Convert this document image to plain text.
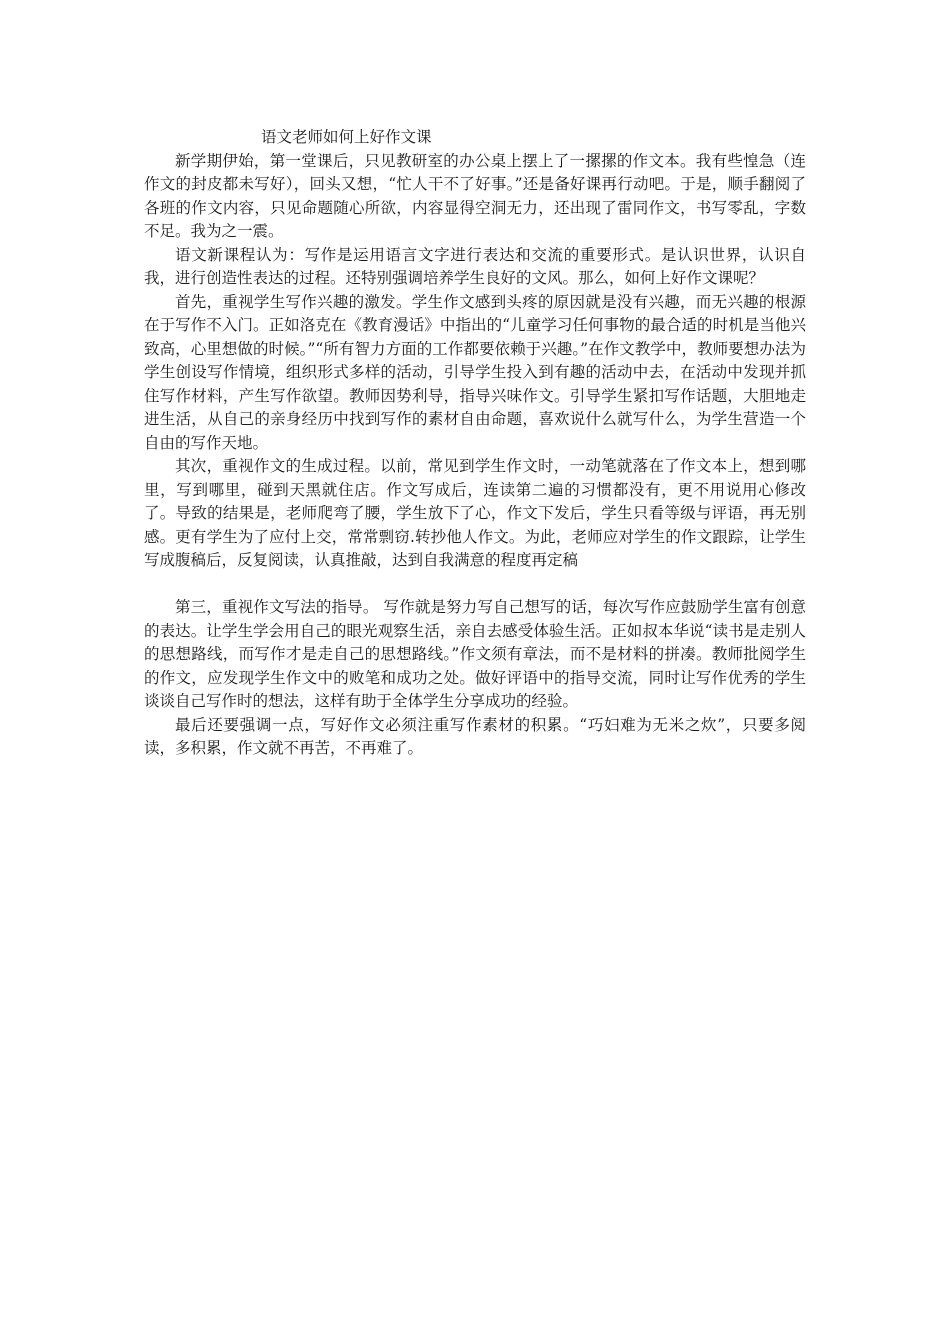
语文老师如何上好作文课

新学期伊始，第一堂课后，只见教研室的办公桌上摆上了一摞摞的作文本。我有些惶急（连作文的封皮都未写好），回头又想，“忙人干不了好事。”还是备好课再行动吧。于是，顺手翻阅了各班的作文内容，只见命题随心所欲，内容显得空洞无力，还出现了雷同作文，书写零乱，字数不足。我为之一震。

语文新课程认为：写作是运用语言文字进行表达和交流的重要形式。是认识世界，认识自我，进行创造性表达的过程。还特别强调培养学生良好的文风。那么，如何上好作文课呢？

首先，重视学生写作兴趣的激发。学生作文感到头疼的原因就是没有兴趣，而无兴趣的根源在于写作不入门。正如洛克在《教育漫话》中指出的“儿童学习任何事物的最合适的时机是当他兴致高，心里想做的时候。”“所有智力方面的工作都要依赖于兴趣。”在作文教学中，教师要想办法为学生创设写作情境，组织形式多样的活动，引导学生投入到有趣的活动中去，在活动中发现并抓住写作材料，产生写作欲望。教师因势利导，指导兴味作文。引导学生紧扣写作话题，大胆地走进生活，从自己的亲身经历中找到写作的素材自由命题，喜欢说什么就写什么，为学生营造一个自由的写作天地。

其次，重视作文的生成过程。以前，常见到学生作文时，一动笔就落在了作文本上，想到哪里，写到哪里，碰到天黑就住店。作文写成后，连读第二遍的习惯都没有，更不用说用心修改了。导致的结果是，老师爬弯了腰，学生放下了心，作文下发后，学生只看等级与评语，再无别感。更有学生为了应付上交，常常剽窃.转抄他人作文。为此，老师应对学生的作文跟踪，让学生写成腹稿后，反复阅读，认真推敲，达到自我满意的程度再定稿

第三，重视作文写法的指导。 写作就是努力写自己想写的话，每次写作应鼓励学生富有创意的表达。让学生学会用自己的眼光观察生活，亲自去感受体验生活。正如叔本华说“读书是走别人的思想路线，而写作才是走自己的思想路线。”作文须有章法，而不是材料的拼凑。教师批阅学生的作文，应发现学生作文中的败笔和成功之处。做好评语中的指导交流，同时让写作优秀的学生谈谈自己写作时的想法，这样有助于全体学生分享成功的经验。

最后还要强调一点，写好作文必须注重写作素材的积累。“巧妇难为无米之炊”，只要多阅读，多积累，作文就不再苦，不再难了。
